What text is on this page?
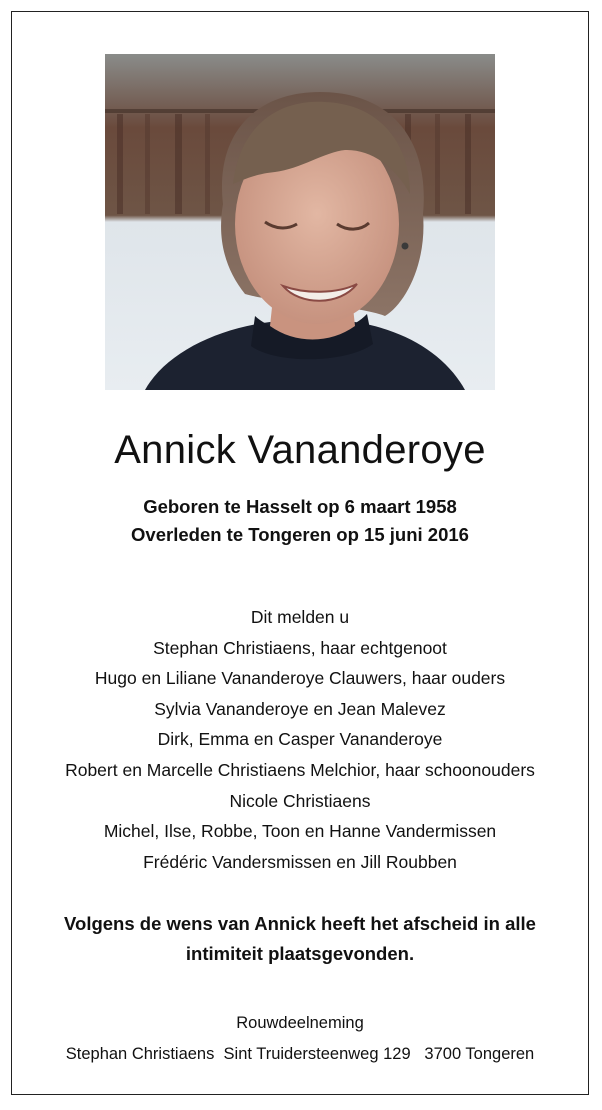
Annick Vananderoye
Geboren te Hasselt op 6 maart 1958
Overleden te Tongeren op 15 juni 2016
Dit melden u
Stephan Christiaens, haar echtgenoot
Hugo en Liliane Vananderoye Clauwers, haar ouders
Sylvia Vananderoye en Jean Malevez
Dirk, Emma en Casper Vananderoye
Robert en Marcelle Christiaens Melchior, haar schoonouders
Nicole Christiaens
Michel, Ilse, Robbe, Toon en Hanne Vandermissen
Frédéric Vandersmissen en Jill Roubben
Volgens de wens van Annick heeft het afscheid in alle
intimiteit plaatsgevonden.
Rouwdeelneming
Stephan Christiaens Sint Truidersteenweg 129 3700 Tongeren
